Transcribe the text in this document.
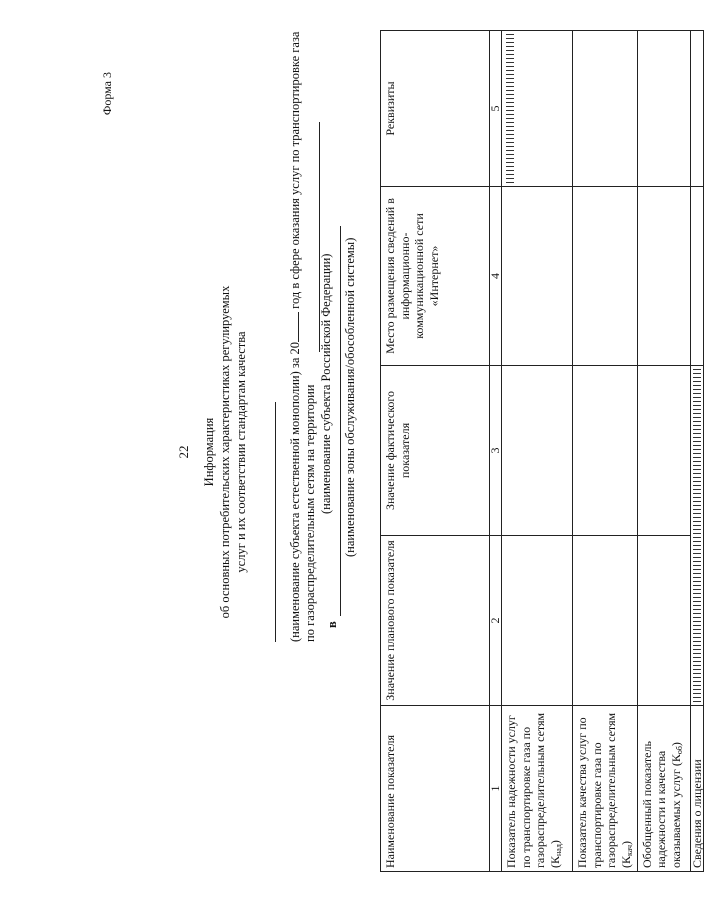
Форма 3
22 Информация об основных потребительских характеристиках регулируемых услуг и их соответствии стандартам качества	(наименование субъекта естественной монополии) за 20 год в сфере оказания услуг по транспортировке газа
по газораспределительным сетям на территории (наименование субъекта Российской Федерации)
в
(наименование зоны обслуживания/обособленной системы)
Наименование показателя	Значение планового показателя	Значение фактического показателя	Место размещения сведений в информационно-коммуникационной сети «Интернет»	Реквизиты
1	2	3	4	5
Показатель надежности услуг по транспортировке газа по газораспределительным сетям $(К_{над})$				

Показатель качества услуг по транспортировке газа по газораспределительным сетям $(К_{кач})$				
Обобщенный показатель надежности и качества оказываемых услуг $(К_{об})$				
Сведения о лицензии		
